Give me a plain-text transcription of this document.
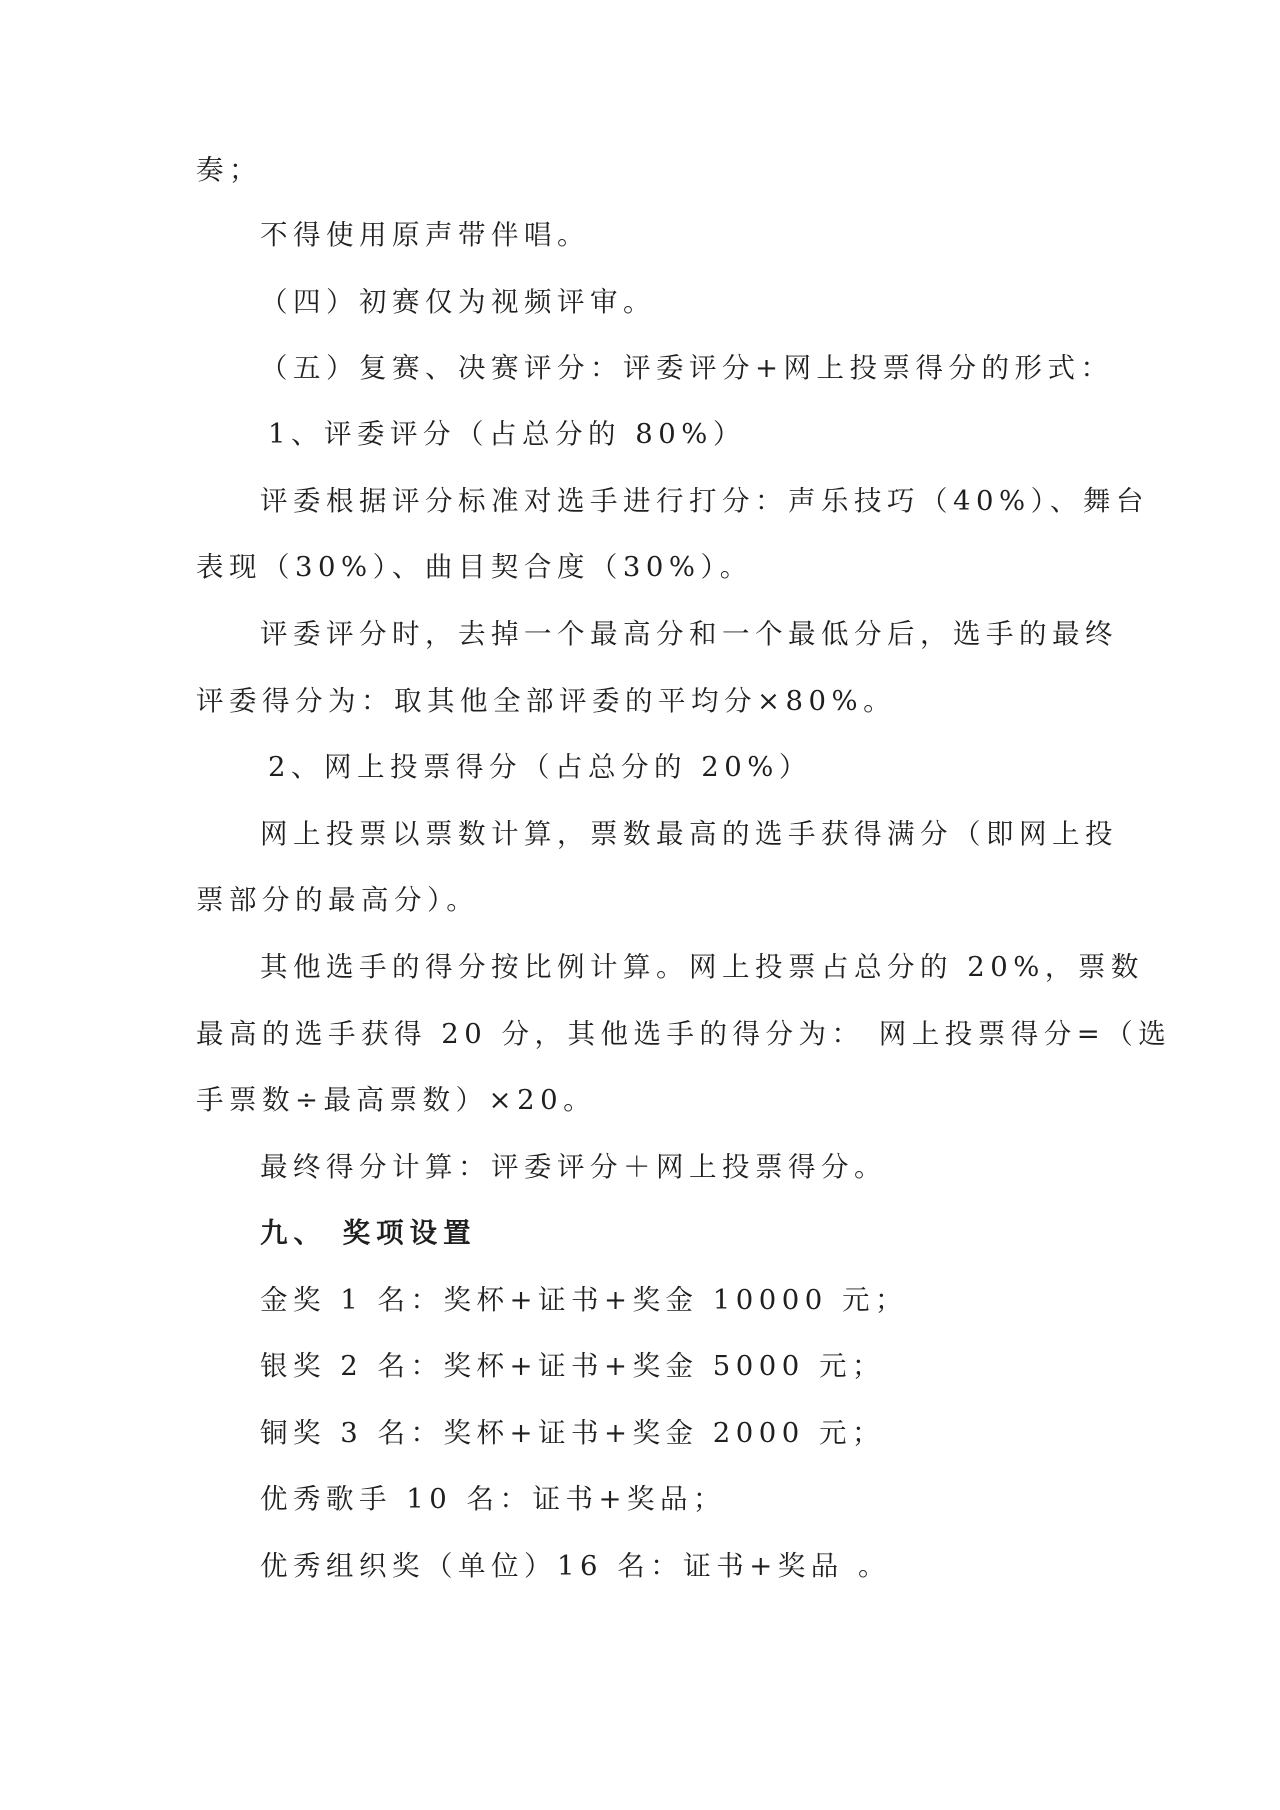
奏；

不得使用原声带伴唱。

（四）初赛仅为视频评审。

（五）复赛、决赛评分：评委评分+网上投票得分的形式：

1、评委评分（占总分的 80%）

评委根据评分标准对选手进行打分：声乐技巧（40%）、舞台

表现（30%）、曲目契合度（30%）。

评委评分时，去掉一个最高分和一个最低分后，选手的最终

评委得分为：取其他全部评委的平均分×80%。

2、网上投票得分（占总分的 20%）

网上投票以票数计算，票数最高的选手获得满分（即网上投

票部分的最高分）。

其他选手的得分按比例计算。网上投票占总分的 20%，票数

最高的选手获得 20 分，其他选手的得分为： 网上投票得分=（选

手票数÷最高票数）×20。

最终得分计算：评委评分＋网上投票得分。

九、 奖项设置

金奖 1 名：奖杯+证书+奖金 10000 元；

银奖 2 名：奖杯+证书+奖金 5000 元；

铜奖 3 名：奖杯+证书+奖金 2000 元；

优秀歌手 10 名：证书+奖品；

优秀组织奖（单位）16 名：证书+奖品 。
